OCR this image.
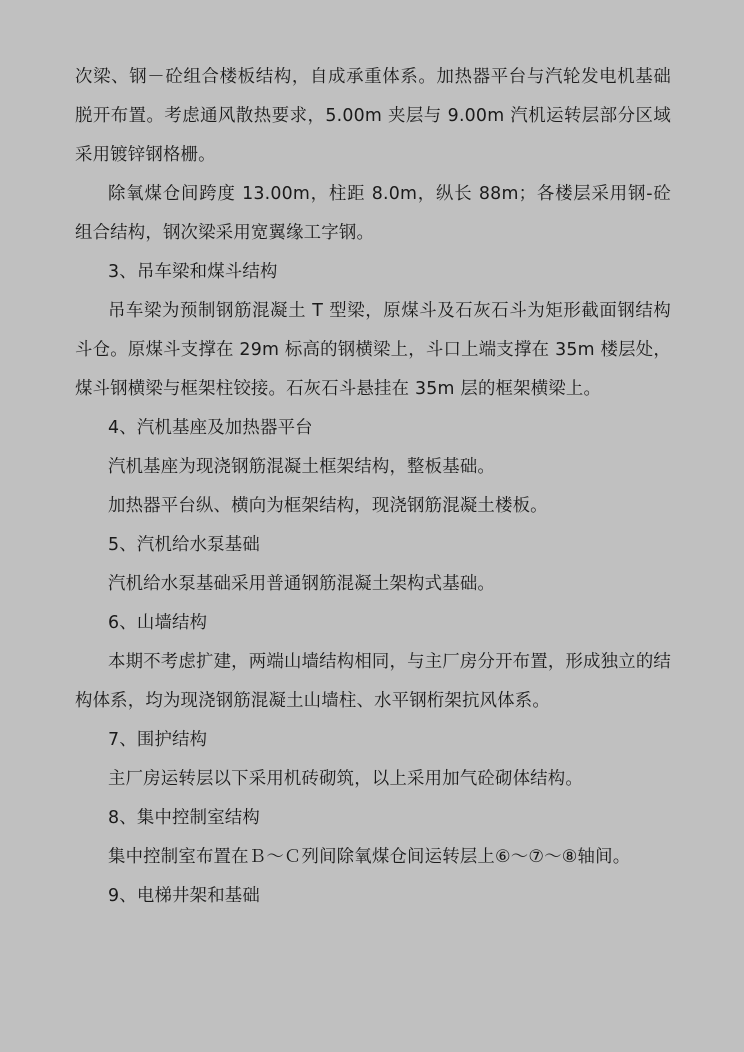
次梁、钢－砼组合楼板结构，自成承重体系。加热器平台与汽轮发电机基础脱开布置。考虑通风散热要求，5.00m 夹层与 9.00m 汽机运转层部分区域采用镀锌钢格栅。

除氧煤仓间跨度 13.00m，柱距 8.0m，纵长 88m；各楼层采用钢-砼组合结构，钢次梁采用宽翼缘工字钢。

3、吊车梁和煤斗结构

吊车梁为预制钢筋混凝土 T 型梁，原煤斗及石灰石斗为矩形截面钢结构斗仓。原煤斗支撑在 29m 标高的钢横梁上，斗口上端支撑在 35m 楼层处，煤斗钢横梁与框架柱铰接。石灰石斗悬挂在 35m 层的框架横梁上。

4、汽机基座及加热器平台

汽机基座为现浇钢筋混凝土框架结构，整板基础。

加热器平台纵、横向为框架结构，现浇钢筋混凝土楼板。

5、汽机给水泵基础

汽机给水泵基础采用普通钢筋混凝土架构式基础。

6、山墙结构

本期不考虑扩建，两端山墙结构相同，与主厂房分开布置，形成独立的结构体系，均为现浇钢筋混凝土山墙柱、水平钢桁架抗风体系。

7、围护结构

主厂房运转层以下采用机砖砌筑，以上采用加气砼砌体结构。

8、集中控制室结构

集中控制室布置在Ｂ～Ｃ列间除氧煤仓间运转层上⑥～⑦～⑧轴间。

9、电梯井架和基础
